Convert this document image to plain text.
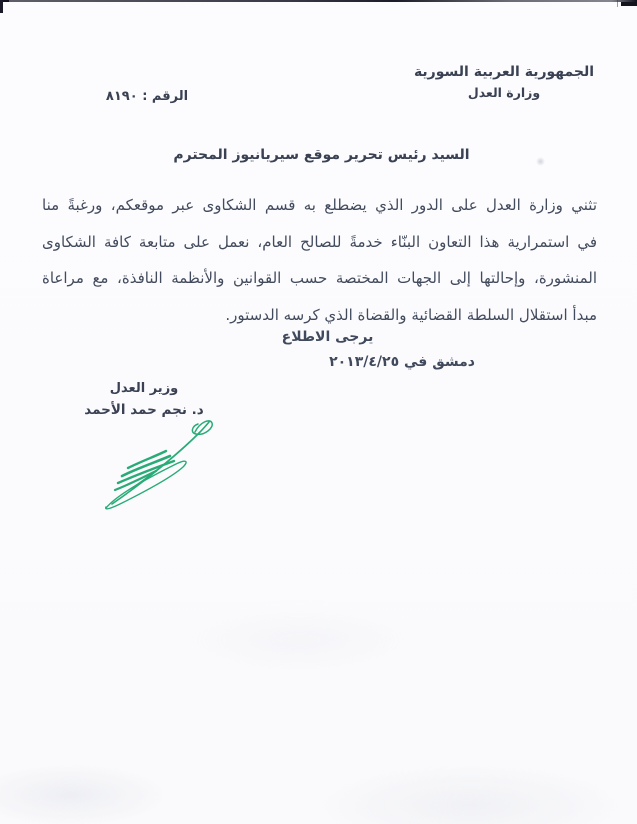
الجمهورية العربية السورية
وزارة العدل
الرقم : ٨١٩٠
السيد رئيس تحرير موقع سيريانيوز المحترم
تثني وزارة العدل على الدور الذي يضطلع به قسم الشكاوى عبر موقعكم، ورغبةً منا
في استمرارية هذا التعاون البنّاء خدمةً للصالح العام، نعمل على متابعة كافة الشكاوى
المنشورة، وإحالتها إلى الجهات المختصة حسب القوانين والأنظمة النافذة، مع مراعاة
مبدأ استقلال السلطة القضائية والقضاة الذي كرسه الدستور.
يرجى الاطلاع
دمشق في ٢٠١٣/٤/٢٥
وزير العدل
د. نجم حمد الأحمد
